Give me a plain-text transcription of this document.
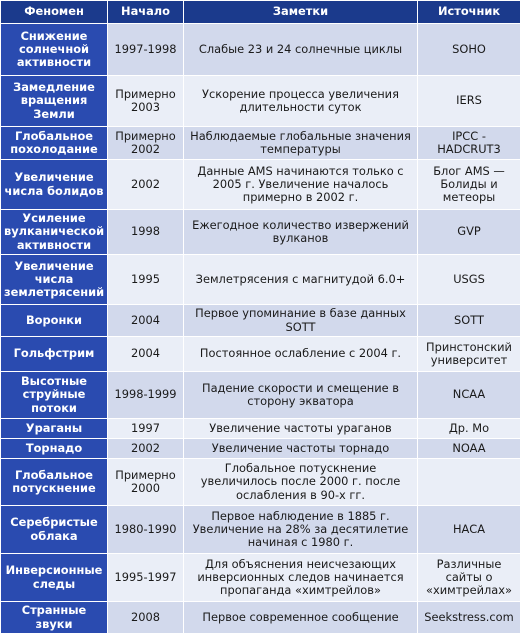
Феномен	Начало	Заметки	Источник
Снижение солнечной активности	1997-1998	Слабые 23 и 24 солнечные циклы	SOHO
Замедление вращения Земли	Примерно 2003	Ускорение процесса увеличения длительности суток	IERS
Глобальное похолодание	Примерно 2002	Наблюдаемые глобальные значения температуры	IPCC - HADCRUT3
Увеличение числа болидов	2002	Данные AMS начинаются только с 2005 г. Увеличение началось примерно в 2002 г.	Блог AMS — Болиды и метеоры
Усиление вулканической активности	1998	Ежегодное количество извержений вулканов	GVP
Увеличение числа землетрясений	1995	Землетрясения с магнитудой 6.0+	USGS
Воронки	2004	Первое упоминание в базе данных SOTT	SOTT
Гольфстрим	2004	Постоянное ослабление с 2004 г.	Принстонский университет
Высотные струйные потоки	1998-1999	Падение скорости и смещение в сторону экватора	NCAA
Ураганы	1997	Увеличение частоты ураганов	Др. Мо
Торнадо	2002	Увеличение частоты торнадо	NOAA
Глобальное потускнение	Примерно 2000	Глобальное потускнение увеличилось после 2000 г. после ослабления в 90-х гг.	
Серебристые облака	1980-1990	Первое наблюдение в 1885 г. Увеличение на 28% за десятилетие начиная с 1980 г.	НАСА
Инверсионные следы	1995-1997	Для объяснения неисчезающих инверсионных следов начинается пропаганда «химтрейлов»	Различные сайты о «химтрейлах»
Странные звуки	2008	Первое современное сообщение	Seekstress.com
